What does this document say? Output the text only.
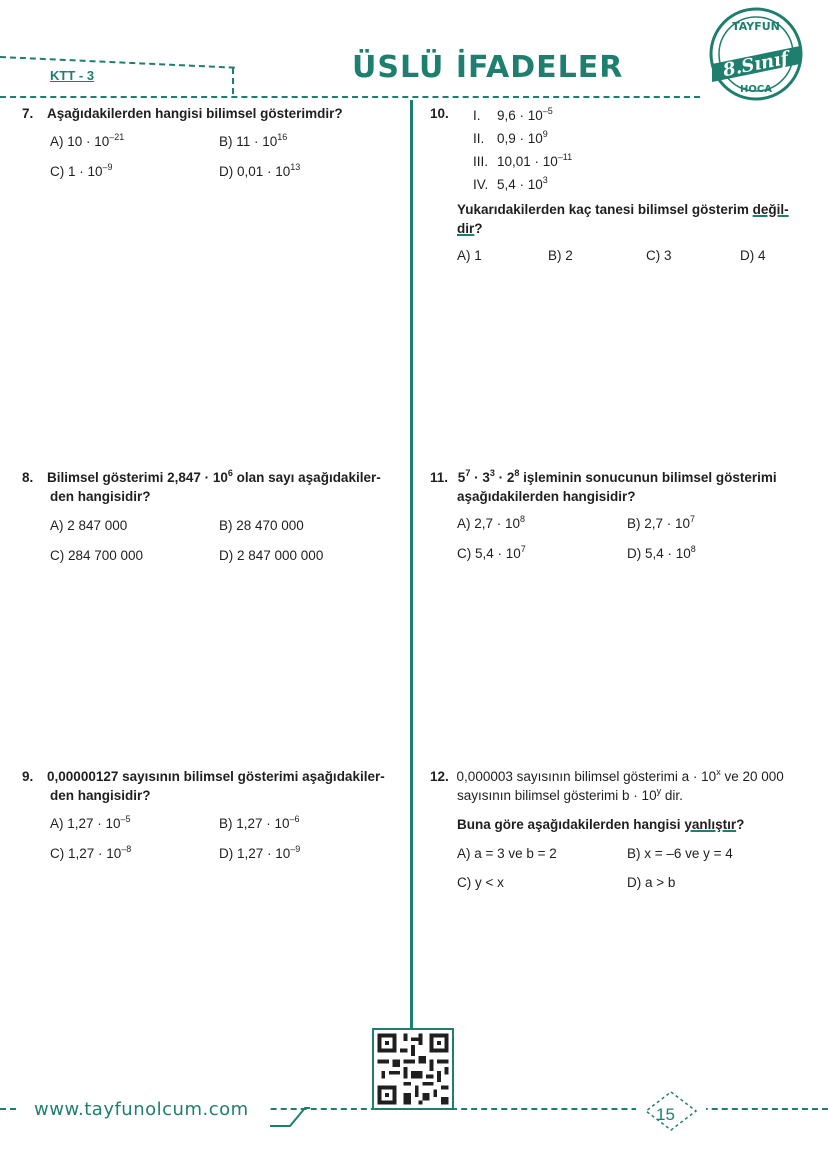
KTT - 3	ÜSLÜ İFADELER
TAYFUN
8.Sınıf
HOCA
7. Aşağıdakilerden hangisi bilimsel gösterimdir?
A) $10 \cdot 10^{-21}$	B) $11 \cdot 10^{16}$
C) $1 \cdot 10^{-9}$	D) $0,01 \cdot 10^{13}$
8. Bilimsel gösterimi $2,847 \cdot 10^6$ olan sayı aşağıdakiler-
den hangisidir?
A) 2 847 000	B) 28 470 000
C) 284 700 000	D) 2 847 000 000
9. 0,00000127 sayısının bilimsel gösterimi aşağıdakiler-
den hangisidir?
A) $1,27 \cdot 10^{-5}$	B) $1,27 \cdot 10^{-6}$
C) $1,27 \cdot 10^{-8}$	D) $1,27 \cdot 10^{-9}$
10. I. $9,6 \cdot 10^{-5}$
II. $0,9 \cdot 10^9$
III. $10,01 \cdot 10^{-11}$
IV. $5,4 \cdot 10^3$
Yukarıdakilerden kaç tanesi bilimsel gösterim değil-
dir?
A) 1	B) 2	C) 3	D) 4
11. $5^7 \cdot 3^3 \cdot 2^8$ işleminin sonucunun bilimsel gösterimi
aşağıdakilerden hangisidir?
A) $2,7 \cdot 10^8$	B) $2,7 \cdot 10^7$
C) $5,4 \cdot 10^7$	D) $5,4 \cdot 10^8$
12. 0,000003 sayısının bilimsel gösterimi $a \cdot 10^x$ ve 20 000
sayısının bilimsel gösterimi $b \cdot 10^y$ dir.
Buna göre aşağıdakilerden hangisi yanlıştır?
A) a = 3 ve b = 2	B) x = –6 ve y = 4
C) y < x	D) a > b
www.tayfunolcum.com	15
